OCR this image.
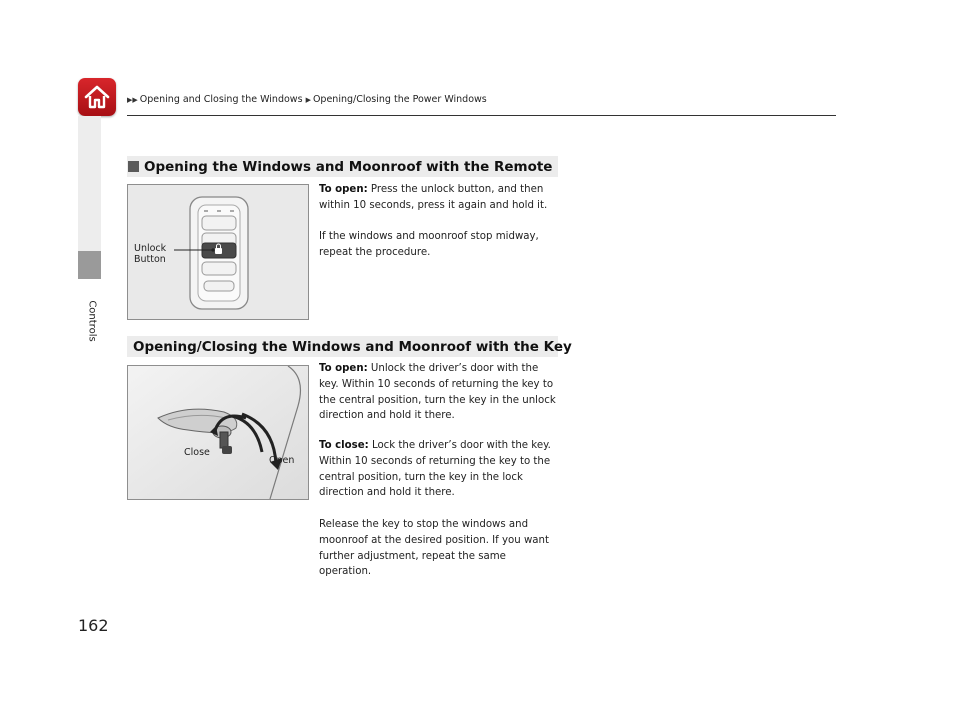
▶▶ Opening and Closing the Windows ▶ Opening/Closing the Power Windows
Controls
Opening the Windows and Moonroof with the Remote
Unlock
Button

To open: Press the unlock button, and then within 10 seconds, press it again and hold it.

If the windows and moonroof stop midway, repeat the procedure.

Opening/Closing the Windows and Moonroof with the Key
Close
Open

To open: Unlock the driver’s door with the key. Within 10 seconds of returning the key to the central position, turn the key in the unlock direction and hold it there.

To close: Lock the driver’s door with the key. Within 10 seconds of returning the key to the central position, turn the key in the lock direction and hold it there.

Release the key to stop the windows and moonroof at the desired position. If you want further adjustment, repeat the same operation.

162
